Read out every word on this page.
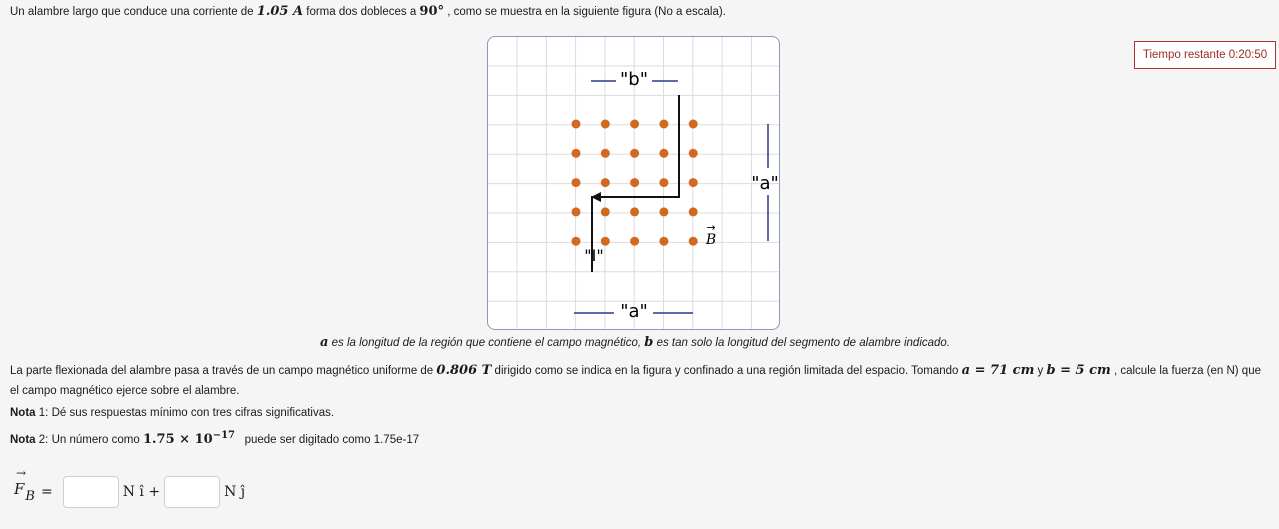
Un alambre largo que conduce una corriente de 1.05 A forma dos dobleces a 90° , como se muestra en la siguiente figura (No a escala).
Tiempo restante
0:20:50
"b"
"a"
"a"
"I"
B
→
a es la longitud de la región que contiene el campo magnético, b es tan solo la longitud del segmento de alambre indicado.
La parte flexionada del alambre pasa a través de un campo magnético uniforme de 0.806 T dirigido como se indica en la figura y confinado a una región limitada del espacio. Tomando a = 71 cm y b = 5 cm , calcule la fuerza (en N) que
el campo magnético ejerce sobre el alambre.
Nota 1: Dé sus respuestas mínimo con tres cifras significativas.
Nota 2: Un número como $1.75 \times 10^{-17}$ puede ser digitado como 1.75e-17
→
FB =	N î +	N ĵ
